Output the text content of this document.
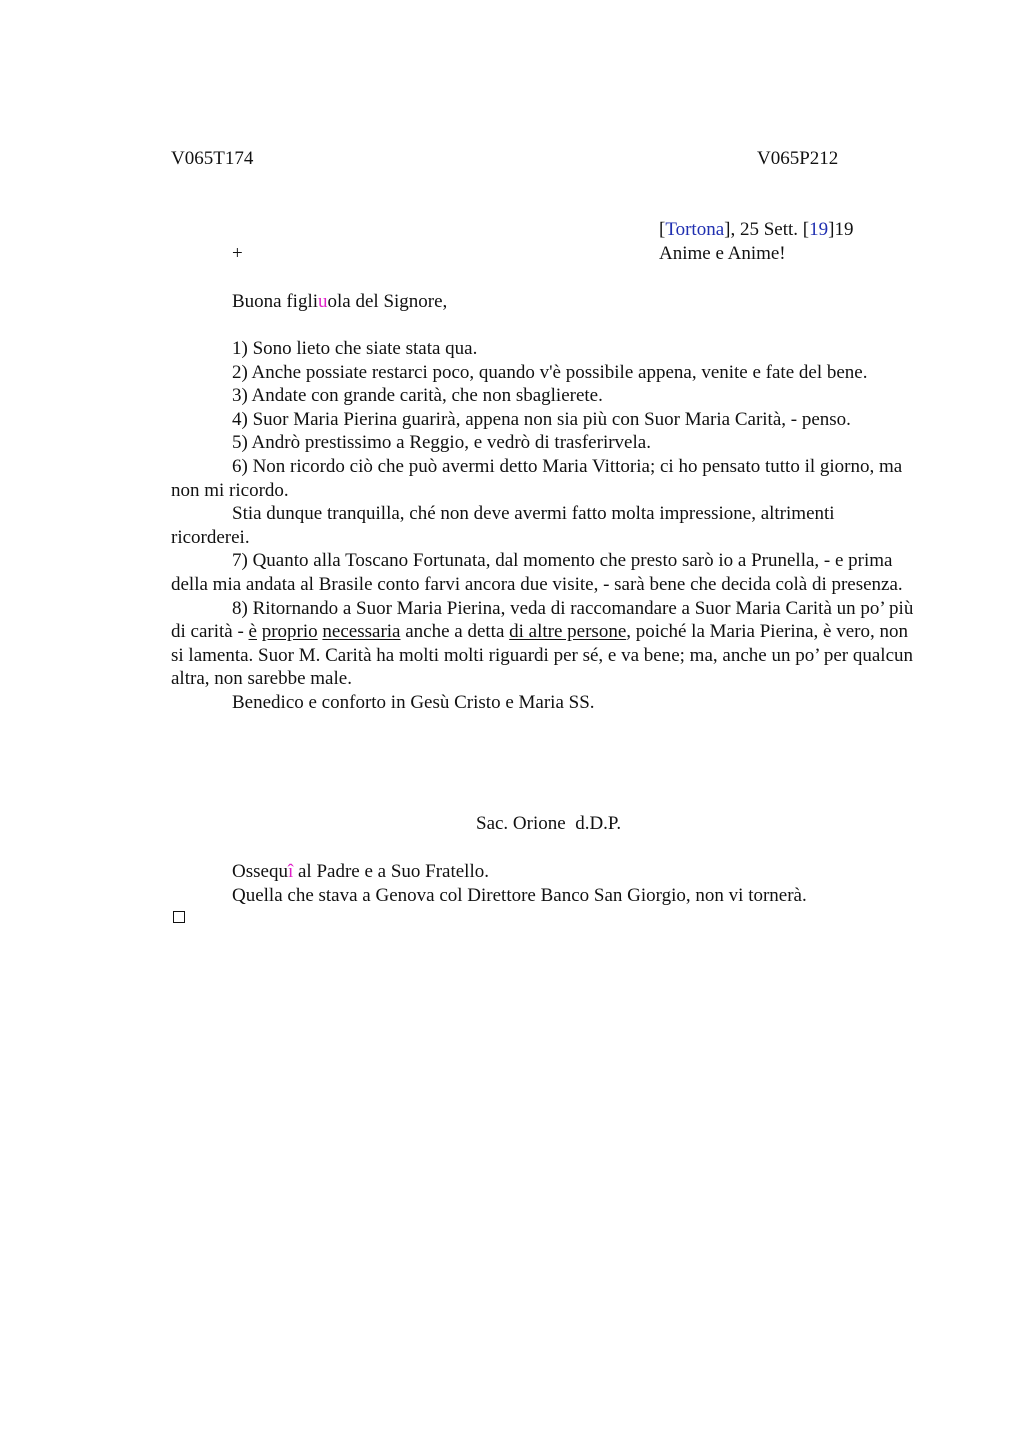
V065T174	V065P212
[Tortona], 25 Sett. [19]19
+	Anime e Anime!
Buona figliuola del Signore,

1) Sono lieto che siate stata qua.

2) Anche possiate restarci poco, quando v'è possibile appena, venite e fate del bene.

3) Andate con grande carità, che non sbaglierete.

4) Suor Maria Pierina guarirà, appena non sia più con Suor Maria Carità, - penso.

5) Andrò prestissimo a Reggio, e vedrò di trasferirvela.

6) Non ricordo ciò che può avermi detto Maria Vittoria; ci ho pensato tutto il giorno, ma non mi ricordo.

Stia dunque tranquilla, ché non deve avermi fatto molta impressione, altrimenti ricorderei.

7) Quanto alla Toscano Fortunata, dal momento che presto sarò io a Prunella, - e prima della mia andata al Brasile conto farvi ancora due visite, - sarà bene che decida colà di presenza.

8) Ritornando a Suor Maria Pierina, veda di raccomandare a Suor Maria Carità un po’ più di carità - è proprio necessaria anche a detta di altre persone, poiché la Maria Pierina, è vero, non si lamenta. Suor M. Carità ha molti molti riguardi per sé, e va bene; ma, anche un po’ per qualcun altra, non sarebbe male.

Benedico e conforto in Gesù Cristo e Maria SS.

Sac. Orione  d.D.P.
Ossequî al Padre e a Suo Fratello.
Quella che stava a Genova col Direttore Banco San Giorgio, non vi tornerà.
